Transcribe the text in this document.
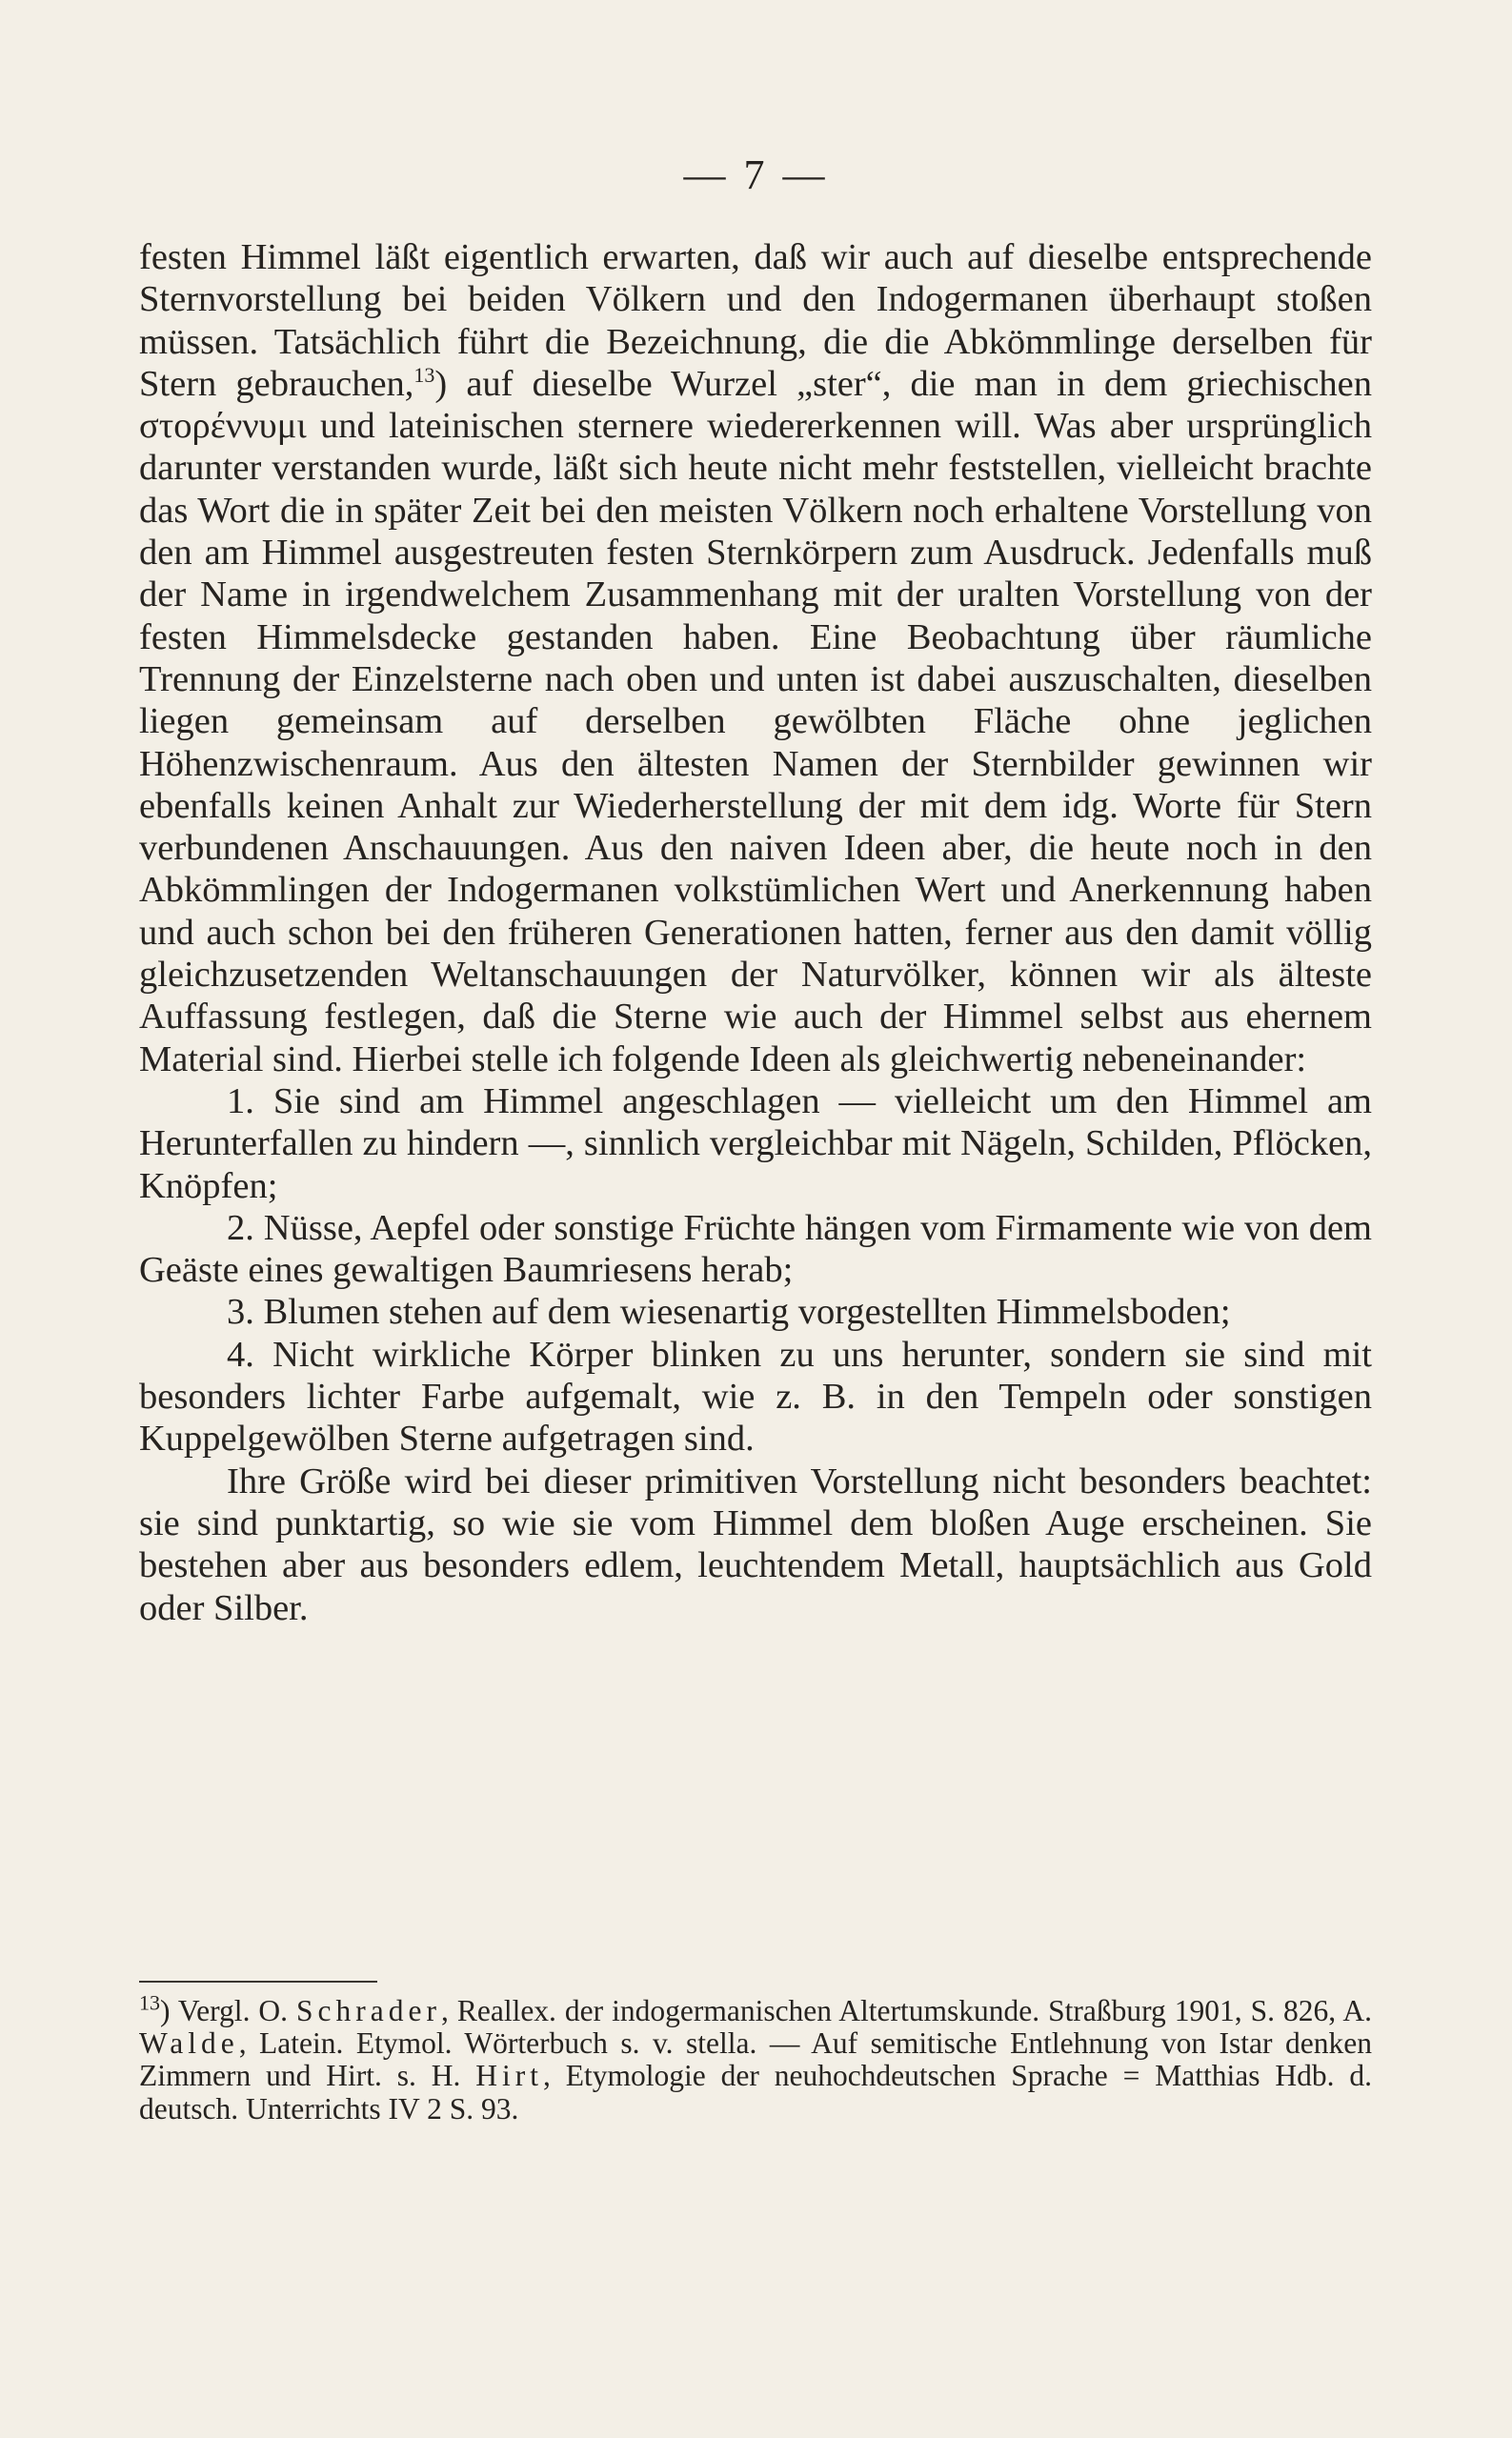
— 7 —

festen Himmel läßt eigentlich erwarten, daß wir auch auf dieselbe entsprechende Sternvorstellung bei beiden Völkern und den Indogermanen überhaupt stoßen müssen. Tatsächlich führt die Bezeichnung, die die Abkömmlinge derselben für Stern gebrauchen,$^{13}$) auf dieselbe Wurzel „ster“, die man in dem griechischen στορέννυμι und lateinischen sternere wiedererkennen will. Was aber ursprünglich darunter verstanden wurde, läßt sich heute nicht mehr feststellen, vielleicht brachte das Wort die in später Zeit bei den meisten Völkern noch erhaltene Vorstellung von den am Himmel ausgestreuten festen Sternkörpern zum Ausdruck. Jedenfalls muß der Name in irgendwelchem Zusammenhang mit der uralten Vorstellung von der festen Himmelsdecke gestanden haben. Eine Beobachtung über räumliche Trennung der Einzelsterne nach oben und unten ist dabei auszuschalten, dieselben liegen gemeinsam auf derselben gewölbten Fläche ohne jeglichen Höhenzwischenraum. Aus den ältesten Namen der Sternbilder gewinnen wir ebenfalls keinen Anhalt zur Wiederherstellung der mit dem idg. Worte für Stern verbundenen Anschauungen. Aus den naiven Ideen aber, die heute noch in den Abkömmlingen der Indogermanen volkstümlichen Wert und Anerkennung haben und auch schon bei den früheren Generationen hatten, ferner aus den damit völlig gleichzusetzenden Weltanschauungen der Naturvölker, können wir als älteste Auffassung festlegen, daß die Sterne wie auch der Himmel selbst aus ehernem Material sind. Hierbei stelle ich folgende Ideen als gleichwertig nebeneinander:

1. Sie sind am Himmel angeschlagen — vielleicht um den Himmel am Herunterfallen zu hindern —, sinnlich vergleichbar mit Nägeln, Schilden, Pflöcken, Knöpfen;

2. Nüsse, Aepfel oder sonstige Früchte hängen vom Firmamente wie von dem Geäste eines gewaltigen Baumriesens herab;

3. Blumen stehen auf dem wiesenartig vorgestellten Himmelsboden;

4. Nicht wirkliche Körper blinken zu uns herunter, sondern sie sind mit besonders lichter Farbe aufgemalt, wie z. B. in den Tempeln oder sonstigen Kuppelgewölben Sterne aufgetragen sind.

Ihre Größe wird bei dieser primitiven Vorstellung nicht besonders beachtet: sie sind punktartig, so wie sie vom Himmel dem bloßen Auge erscheinen. Sie bestehen aber aus besonders edlem, leuchtendem Metall, hauptsächlich aus Gold oder Silber.

$^{13}$) Vergl. O. Schrader, Reallex. der indogermanischen Altertumskunde. Straßburg 1901, S. 826, A. Walde, Latein. Etymol. Wörterbuch s. v. stella. — Auf semitische Entlehnung von Istar denken Zimmern und Hirt. s. H. Hirt, Etymologie der neuhochdeutschen Sprache = Matthias Hdb. d. deutsch. Unterrichts IV 2 S. 93.
